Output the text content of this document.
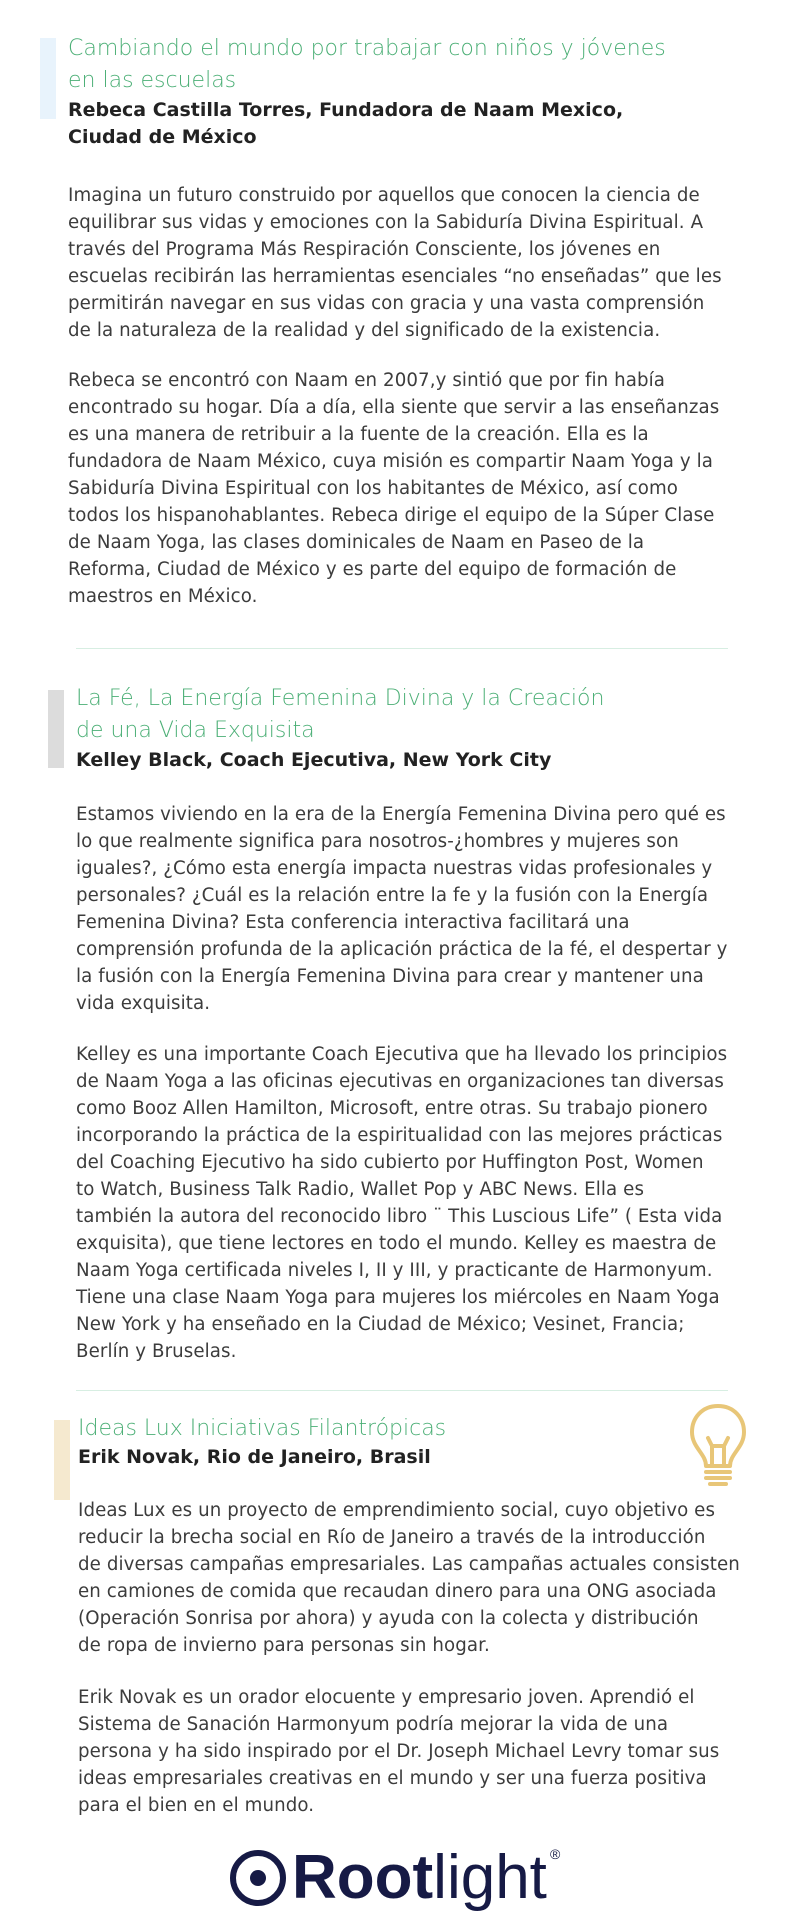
Cambiando el mundo por trabajar con niños y jóvenes
en las escuelas

Rebeca Castilla Torres, Fundadora de Naam Mexico,
Ciudad de México

Imagina un futuro construido por aquellos que conocen la ciencia de
equilibrar sus vidas y emociones con la Sabiduría Divina Espiritual. A
través del Programa Más Respiración Consciente, los jóvenes en
escuelas recibirán las herramientas esenciales “no enseñadas” que les
permitirán navegar en sus vidas con gracia y una vasta comprensión
de la naturaleza de la realidad y del significado de la existencia.

Rebeca se encontró con Naam en 2007,y sintió que por fin había
encontrado su hogar. Día a día, ella siente que servir a las enseñanzas
es una manera de retribuir a la fuente de la creación. Ella es la
fundadora de Naam México, cuya misión es compartir Naam Yoga y la
Sabiduría Divina Espiritual con los habitantes de México, así como
todos los hispanohablantes. Rebeca dirige el equipo de la Súper Clase
de Naam Yoga, las clases dominicales de Naam en Paseo de la
Reforma, Ciudad de México y es parte del equipo de formación de
maestros en México.

La Fé, La Energía Femenina Divina y la Creación
de una Vida Exquisita

Kelley Black, Coach Ejecutiva, New York City

Estamos viviendo en la era de la Energía Femenina Divina pero qué es
lo que realmente significa para nosotros-¿hombres y mujeres son
iguales?, ¿Cómo esta energía impacta nuestras vidas profesionales y
personales? ¿Cuál es la relación entre la fe y la fusión con la Energía
Femenina Divina? Esta conferencia interactiva facilitará una
comprensión profunda de la aplicación práctica de la fé, el despertar y
la fusión con la Energía Femenina Divina para crear y mantener una
vida exquisita.

Kelley es una importante Coach Ejecutiva que ha llevado los principios
de Naam Yoga a las oficinas ejecutivas en organizaciones tan diversas
como Booz Allen Hamilton, Microsoft, entre otras. Su trabajo pionero
incorporando la práctica de la espiritualidad con las mejores prácticas
del Coaching Ejecutivo ha sido cubierto por Huffington Post, Women
to Watch, Business Talk Radio, Wallet Pop y ABC News. Ella es
también la autora del reconocido libro ¨ This Luscious Life” ( Esta vida
exquisita), que tiene lectores en todo el mundo. Kelley es maestra de
Naam Yoga certificada niveles I, II y III, y practicante de Harmonyum.
Tiene una clase Naam Yoga para mujeres los miércoles en Naam Yoga
New York y ha enseñado en la Ciudad de México; Vesinet, Francia;
Berlín y Bruselas.

Ideas Lux Iniciativas Filantrópicas

Erik Novak, Rio de Janeiro, Brasil

Ideas Lux es un proyecto de emprendimiento social, cuyo objetivo es
reducir la brecha social en Río de Janeiro a través de la introducción
de diversas campañas empresariales. Las campañas actuales consisten
en camiones de comida que recaudan dinero para una ONG asociada
(Operación Sonrisa por ahora) y ayuda con la colecta y distribución
de ropa de invierno para personas sin hogar.

Erik Novak es un orador elocuente y empresario joven. Aprendió el
Sistema de Sanación Harmonyum podría mejorar la vida de una
persona y ha sido inspirado por el Dr. Joseph Michael Levry tomar sus
ideas empresariales creativas en el mundo y ser una fuerza positiva
para el bien en el mundo.

Rootlight ®
